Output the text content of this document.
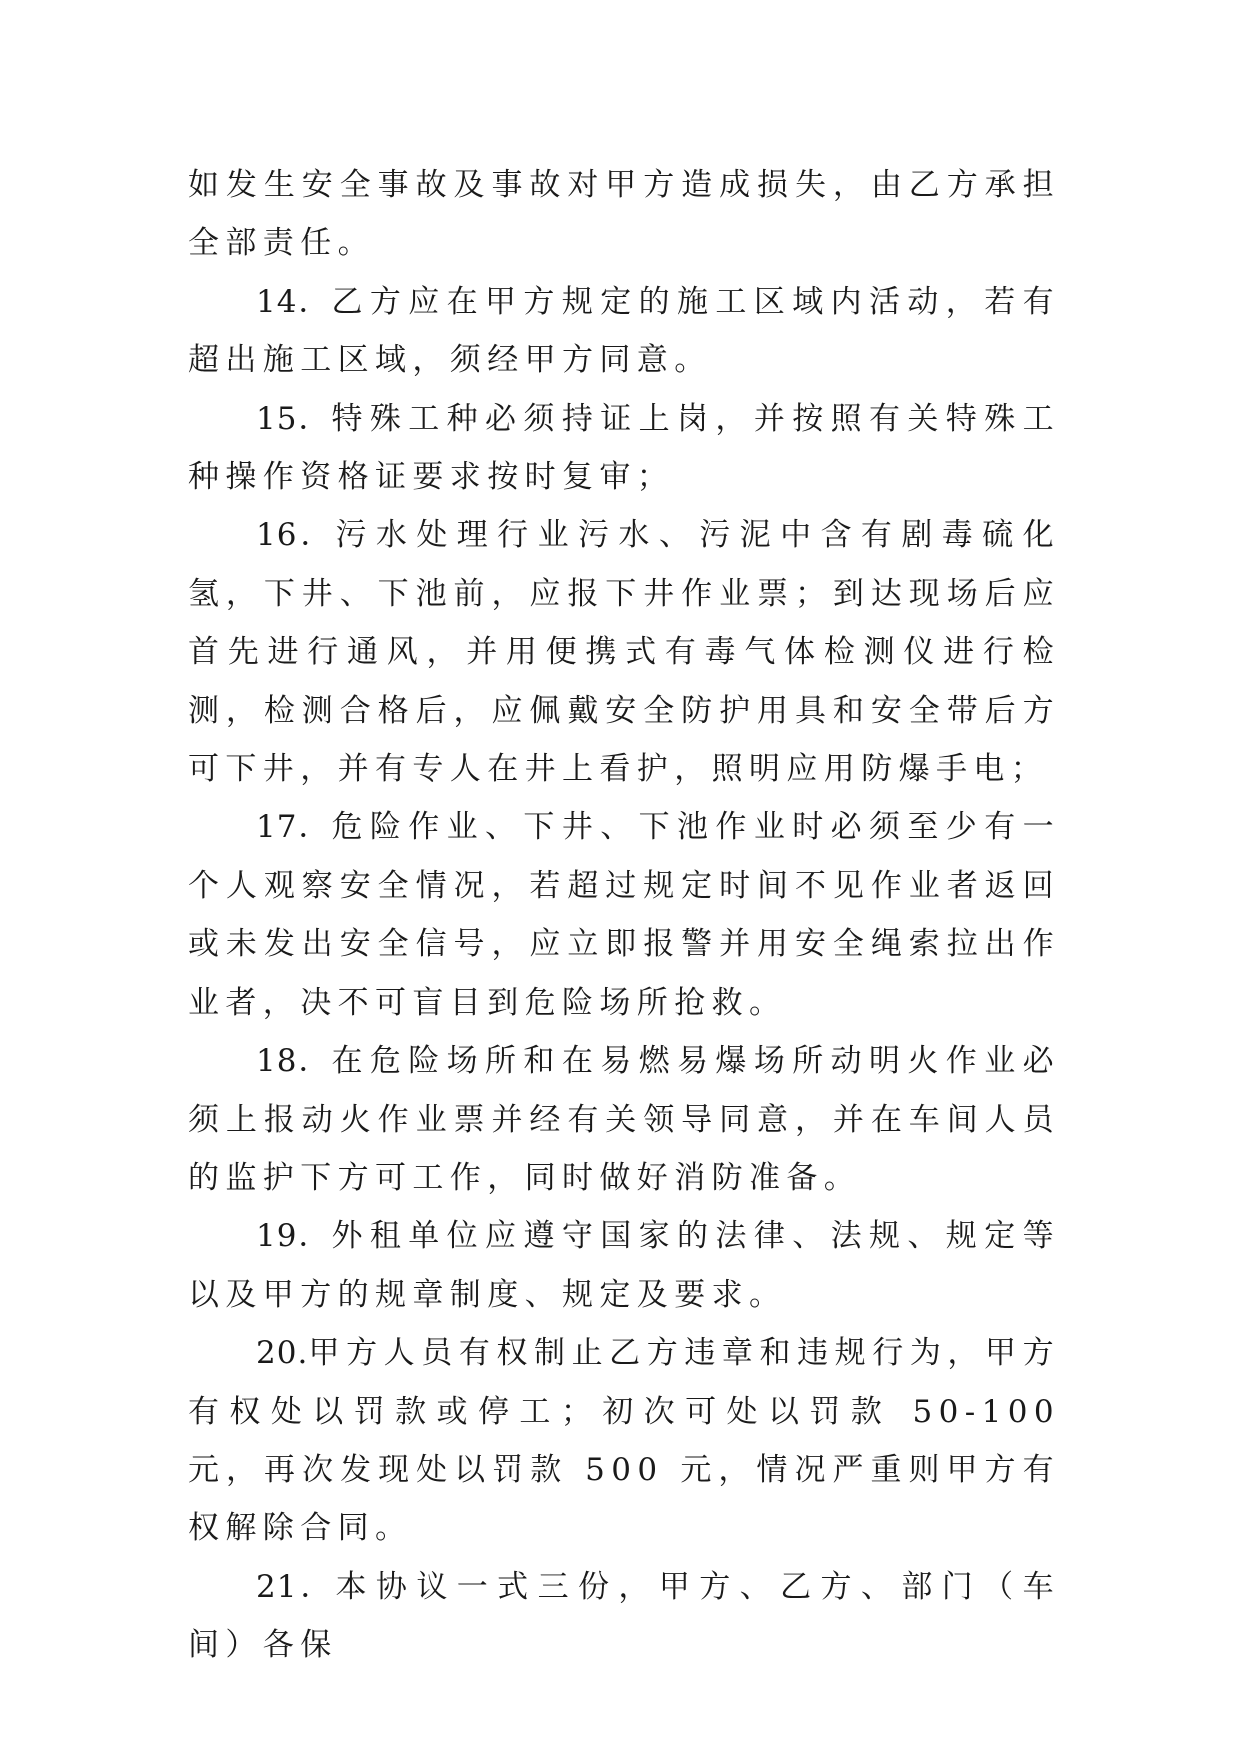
如发生安全事故及事故对甲方造成损失，由乙方承担全部责任。

14．乙方应在甲方规定的施工区域内活动，若有超出施工区域，须经甲方同意。

15．特殊工种必须持证上岗，并按照有关特殊工种操作资格证要求按时复审；

16．污水处理行业污水、污泥中含有剧毒硫化氢，下井、下池前，应报下井作业票；到达现场后应首先进行通风，并用便携式有毒气体检测仪进行检测，检测合格后，应佩戴安全防护用具和安全带后方可下井，并有专人在井上看护，照明应用防爆手电；

17．危险作业、下井、下池作业时必须至少有一个人观察安全情况，若超过规定时间不见作业者返回或未发出安全信号，应立即报警并用安全绳索拉出作业者，决不可盲目到危险场所抢救。

18．在危险场所和在易燃易爆场所动明火作业必须上报动火作业票并经有关领导同意，并在车间人员的监护下方可工作，同时做好消防准备。

19．外租单位应遵守国家的法律、法规、规定等以及甲方的规章制度、规定及要求。

20.甲方人员有权制止乙方违章和违规行为，甲方有权处以罚款或停工；初次可处以罚款 50-100 元，再次发现处以罚款 500 元，情况严重则甲方有权解除合同。

21．本协议一式三份，甲方、乙方、部门（车间）各保
